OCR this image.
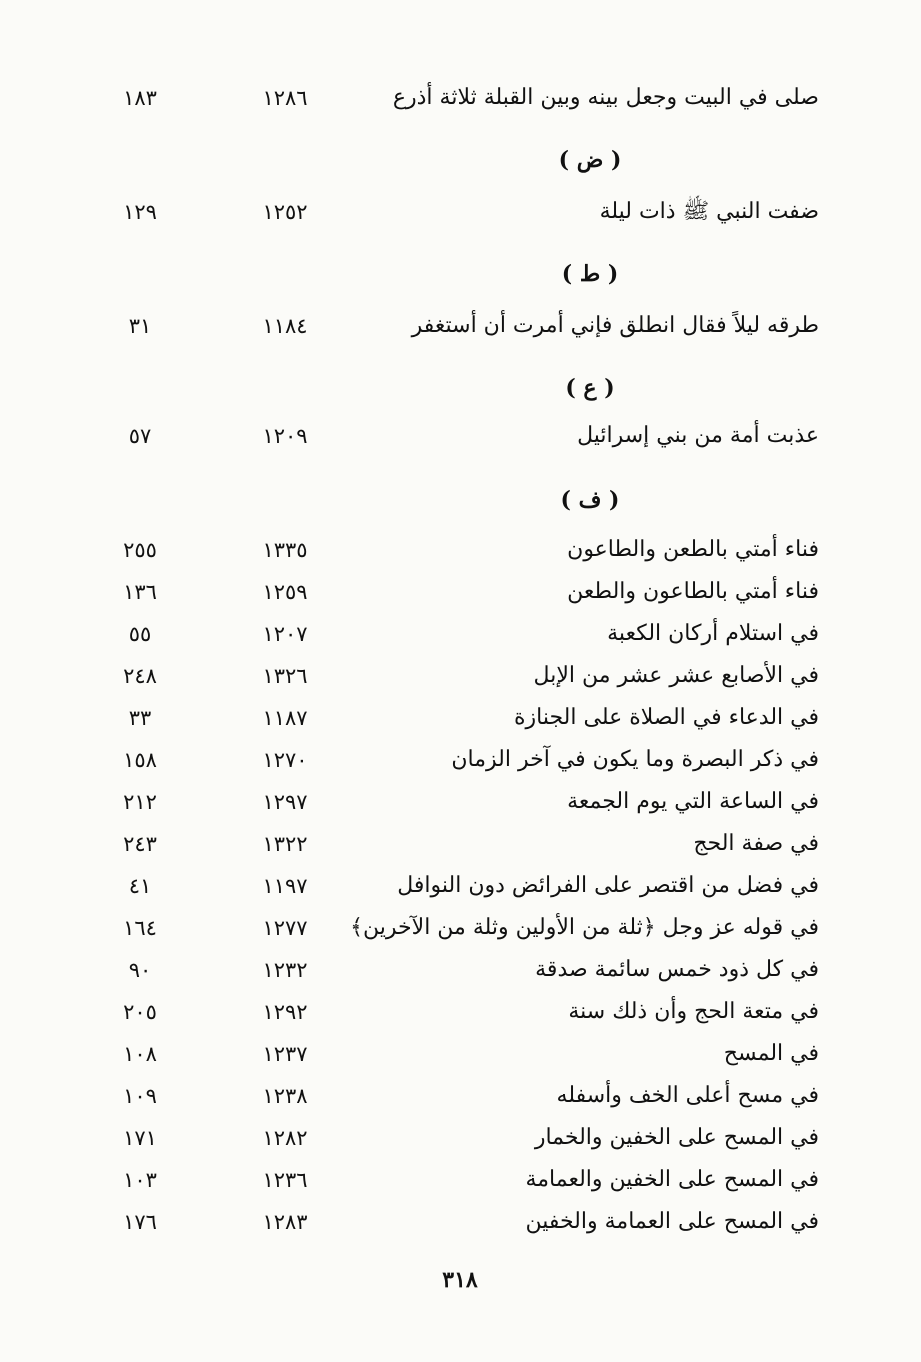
صلى في البيت وجعل بينه وبين القبلة ثلاثة أذرع
١٢٨٦
١٨٣
( ض )
ضفت النبي ﷺ ذات ليلة
١٢٥٢
١٢٩
( ط )
طرقه ليلاً فقال انطلق فإني أمرت أن أستغفر
١١٨٤
٣١
( ع )
عذبت أمة من بني إسرائيل
١٢٠٩
٥٧
( ف )
فناء أمتي بالطعن والطاعون
١٣٣٥
٢٥٥
فناء أمتي بالطاعون والطعن
١٢٥٩
١٣٦
في استلام أركان الكعبة
١٢٠٧
٥٥
في الأصابع عشر عشر من الإبل
١٣٢٦
٢٤٨
في الدعاء في الصلاة على الجنازة
١١٨٧
٣٣
في ذكر البصرة وما يكون في آخر الزمان
١٢٧٠
١٥٨
في الساعة التي يوم الجمعة
١٢٩٧
٢١٢
في صفة الحج
١٣٢٢
٢٤٣
في فضل من اقتصر على الفرائض دون النوافل
١١٩٧
٤١
في قوله عز وجل ﴿ثلة من الأولين وثلة من الآخرين﴾
١٢٧٧
١٦٤
في كل ذود خمس سائمة صدقة
١٢٣٢
٩٠
في متعة الحج وأن ذلك سنة
١٢٩٢
٢٠٥
في المسح
١٢٣٧
١٠٨
في مسح أعلى الخف وأسفله
١٢٣٨
١٠٩
في المسح على الخفين والخمار
١٢٨٢
١٧١
في المسح على الخفين والعمامة
١٢٣٦
١٠٣
في المسح على العمامة والخفين
١٢٨٣
١٧٦
٣١٨
